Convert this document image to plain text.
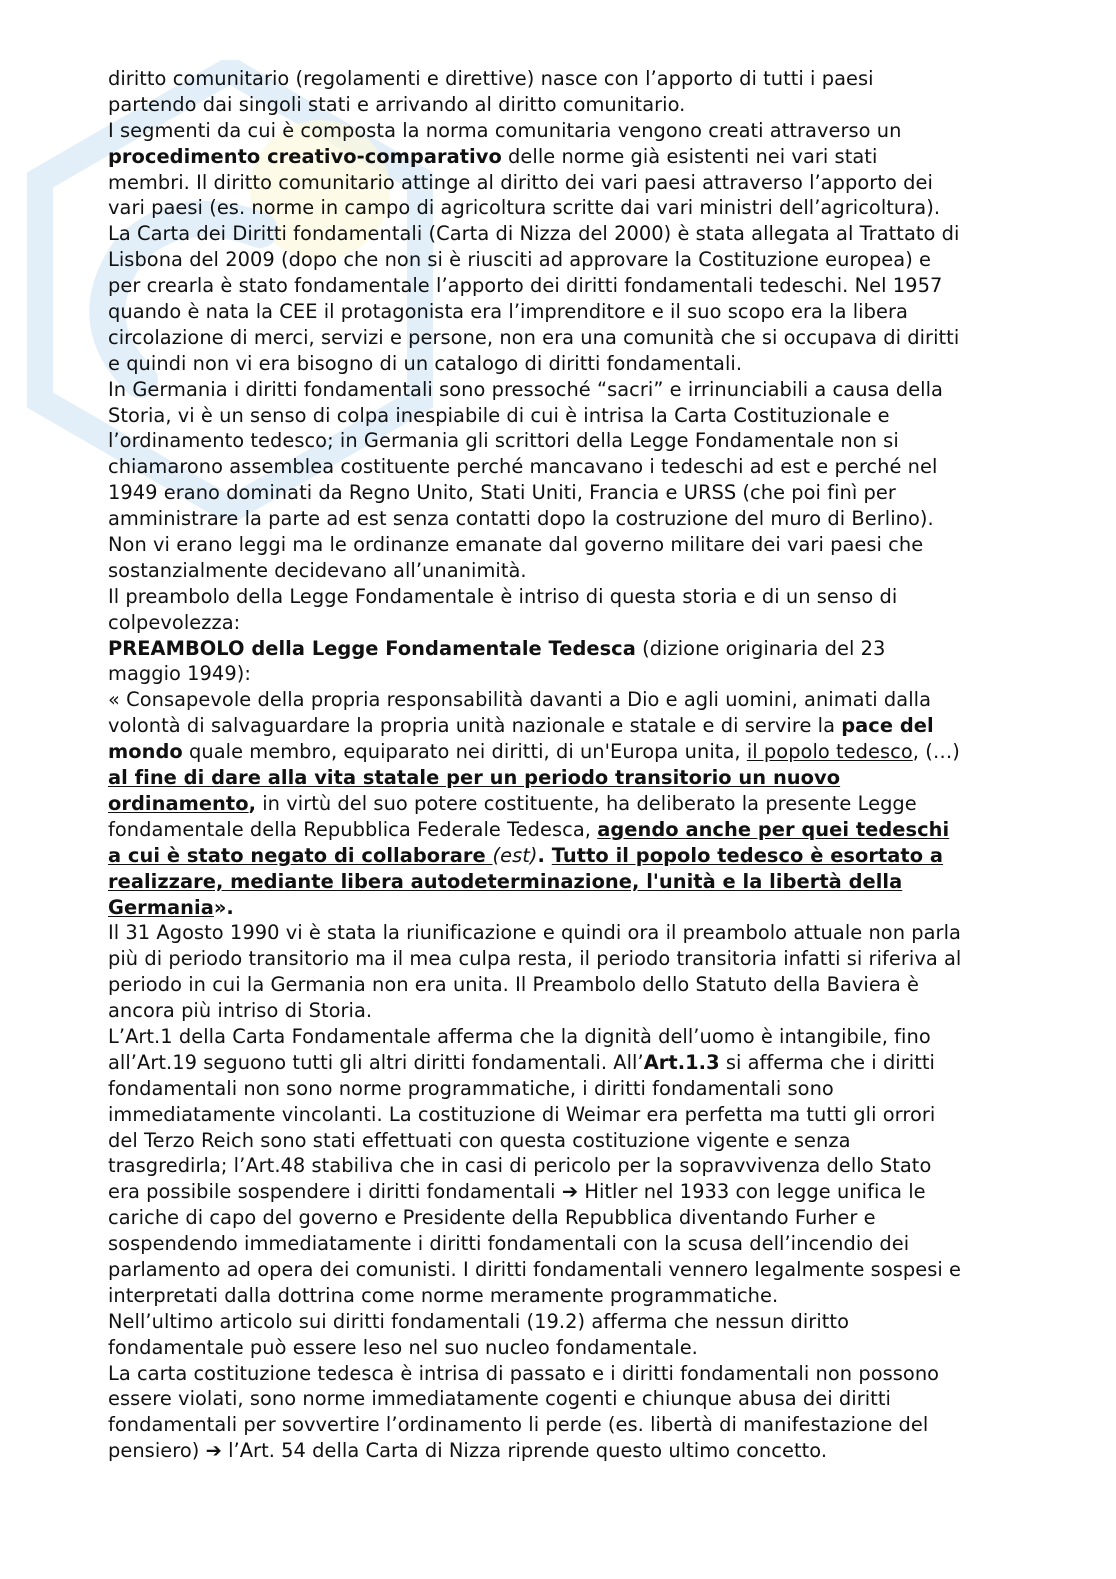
diritto comunitario (regolamenti e direttive) nasce con l’apporto di tutti i paesi
partendo dai singoli stati e arrivando al diritto comunitario.
I segmenti da cui è composta la norma comunitaria vengono creati attraverso un
procedimento creativo-comparativo delle norme già esistenti nei vari stati
membri. Il diritto comunitario attinge al diritto dei vari paesi attraverso l’apporto dei
vari paesi (es. norme in campo di agricoltura scritte dai vari ministri dell’agricoltura).
La Carta dei Diritti fondamentali (Carta di Nizza del 2000) è stata allegata al Trattato di
Lisbona del 2009 (dopo che non si è riusciti ad approvare la Costituzione europea) e
per crearla è stato fondamentale l’apporto dei diritti fondamentali tedeschi. Nel 1957
quando è nata la CEE il protagonista era l’imprenditore e il suo scopo era la libera
circolazione di merci, servizi e persone, non era una comunità che si occupava di diritti
e quindi non vi era bisogno di un catalogo di diritti fondamentali.
In Germania i diritti fondamentali sono pressoché “sacri” e irrinunciabili a causa della
Storia, vi è un senso di colpa inespiabile di cui è intrisa la Carta Costituzionale e
l’ordinamento tedesco; in Germania gli scrittori della Legge Fondamentale non si
chiamarono assemblea costituente perché mancavano i tedeschi ad est e perché nel
1949 erano dominati da Regno Unito, Stati Uniti, Francia e URSS (che poi finì per
amministrare la parte ad est senza contatti dopo la costruzione del muro di Berlino).
Non vi erano leggi ma le ordinanze emanate dal governo militare dei vari paesi che
sostanzialmente decidevano all’unanimità.
Il preambolo della Legge Fondamentale è intriso di questa storia e di un senso di
colpevolezza:
PREAMBOLO della Legge Fondamentale Tedesca (dizione originaria del 23
maggio 1949):
« Consapevole della propria responsabilità davanti a Dio e agli uomini, animati dalla
volontà di salvaguardare la propria unità nazionale e statale e di servire la pace del
mondo quale membro, equiparato nei diritti, di un'Europa unita, il popolo tedesco, (…)
al fine di dare alla vita statale per un periodo transitorio un nuovo
ordinamento, in virtù del suo potere costituente, ha deliberato la presente Legge
fondamentale della Repubblica Federale Tedesca, agendo anche per quei tedeschi
a cui è stato negato di collaborare (est). Tutto il popolo tedesco è esortato a
realizzare, mediante libera autodeterminazione, l'unità e la libertà della
Germania».
Il 31 Agosto 1990 vi è stata la riunificazione e quindi ora il preambolo attuale non parla
più di periodo transitorio ma il mea culpa resta, il periodo transitoria infatti si riferiva al
periodo in cui la Germania non era unita. Il Preambolo dello Statuto della Baviera è
ancora più intriso di Storia.
L’Art.1 della Carta Fondamentale afferma che la dignità dell’uomo è intangibile, fino
all’Art.19 seguono tutti gli altri diritti fondamentali. All’Art.1.3 si afferma che i diritti
fondamentali non sono norme programmatiche, i diritti fondamentali sono
immediatamente vincolanti. La costituzione di Weimar era perfetta ma tutti gli orrori
del Terzo Reich sono stati effettuati con questa costituzione vigente e senza
trasgredirla; l’Art.48 stabiliva che in casi di pericolo per la sopravvivenza dello Stato
era possibile sospendere i diritti fondamentali ➔ Hitler nel 1933 con legge unifica le
cariche di capo del governo e Presidente della Repubblica diventando Furher e
sospendendo immediatamente i diritti fondamentali con la scusa dell’incendio dei
parlamento ad opera dei comunisti. I diritti fondamentali vennero legalmente sospesi e
interpretati dalla dottrina come norme meramente programmatiche.
Nell’ultimo articolo sui diritti fondamentali (19.2) afferma che nessun diritto
fondamentale può essere leso nel suo nucleo fondamentale.
La carta costituzione tedesca è intrisa di passato e i diritti fondamentali non possono
essere violati, sono norme immediatamente cogenti e chiunque abusa dei diritti
fondamentali per sovvertire l’ordinamento li perde (es. libertà di manifestazione del
pensiero) ➔ l’Art. 54 della Carta di Nizza riprende questo ultimo concetto.
